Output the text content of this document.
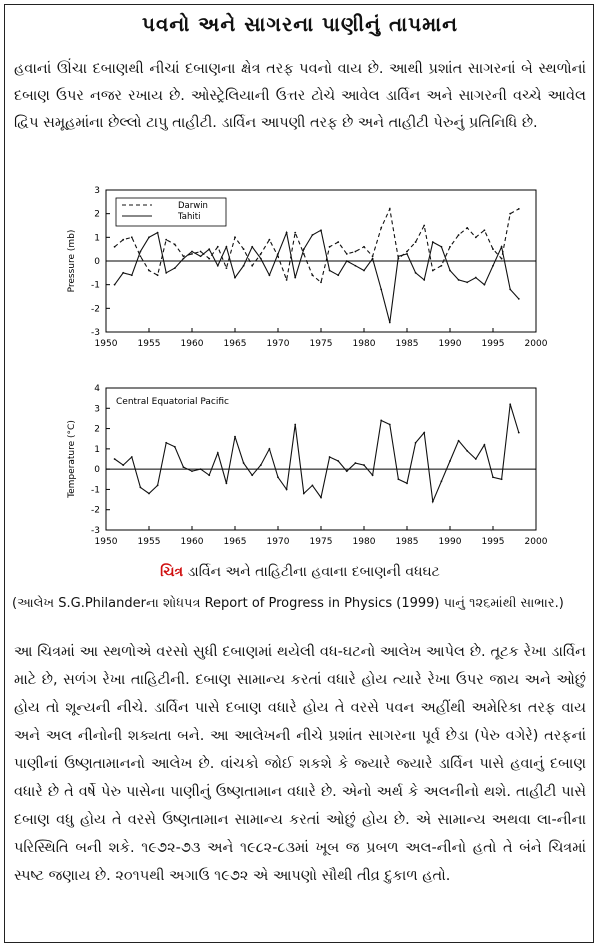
પવનો અને સાગરના પાણીનું તાપમાન
હવાનાં ઊંચા દબાણથી નીચાં દબાણના ક્ષેત્ર તરફ પવનો વાય છે. આથી પ્રશાંત સાગરનાં બે સ્થળોનાં દબાણ ઉપર નજર રખાય છે. ઓસ્ટ્રેલિયાની ઉત્તર ટોચે આવેલ ડાર્વિન અને સાગરની વચ્ચે આવેલ દ્વિપ સમૂહમાંના છેલ્લો ટાપુ તાહીટી. ડાર્વિન આપણી તરફ છે અને તાહીટી પેરુનું પ્રતિનિધિ છે.
1950 1955 1960 1965 1970 1975 1980 1985 1990 1995 2000
3
2
1
0
-1
-2
-3
Pressure (mb)
Darwin
Tahiti
1950 1955 1960 1965 1970 1975 1980 1985 1990 1995 2000
4
3
2
1
0
-1
-2
-3
Temperature (°C)
Central Equatorial Pacific
ચિત્ર ડાર્વિન અને તાહિટીના હવાના દબાણની વધઘટ
(આલેખ S.G.Philanderના શોધપત્ર Report of Progress in Physics (1999) પાનું ૧૨૬માંથી સાભાર.)
આ ચિત્રમાં આ સ્થળોએ વરસો સુધી દબાણમાં થયેલી વધ-ઘટનો આલેખ આપેલ છે. તૂટક રેખા ડાર્વિન માટે છે, સળંગ રેખા તાહિટીની. દબાણ સામાન્ય કરતાં વધારે હોય ત્યારે રેખા ઉપર જાય અને ઓછું હોય તો શૂન્યની નીચે. ડાર્વિન પાસે દબાણ વધારે હોય તે વરસે પવન અહીંથી અમેરિકા તરફ વાય અને અલ નીનોની શક્યતા બને. આ આલેખની નીચે પ્રશાંત સાગરના પૂર્વ છેડા (પેરુ વગેરે) તરફનાં પાણીનાં ઉષ્ણતામાનનો આલેખ છે. વાંચકો જોઈ શકશે કે જ્યારે જ્યારે ડાર્વિન પાસે હવાનું દબાણ વધારે છે તે વર્ષે પેરુ પાસેના પાણીનું ઉષ્ણતામાન વધારે છે. એનો અર્થ કે અલનીનો થશે. તાહીટી પાસે દબાણ વધુ હોય તે વરસે ઉષ્ણતામાન સામાન્ય કરતાં ઓછું હોય છે. એ સામાન્ય અથવા લા-નીના પરિસ્થિતિ બની શકે. ૧૯૭૨-૭૩ અને ૧૯૮૨-૮૩માં ખૂબ જ પ્રબળ અલ-નીનો હતો તે બંને ચિત્રમાં સ્પષ્ટ જણાય છે. ૨૦૧૫થી અગાઉ ૧૯૭૨ એ આપણો સૌથી તીવ્ર દુકાળ હતો.
